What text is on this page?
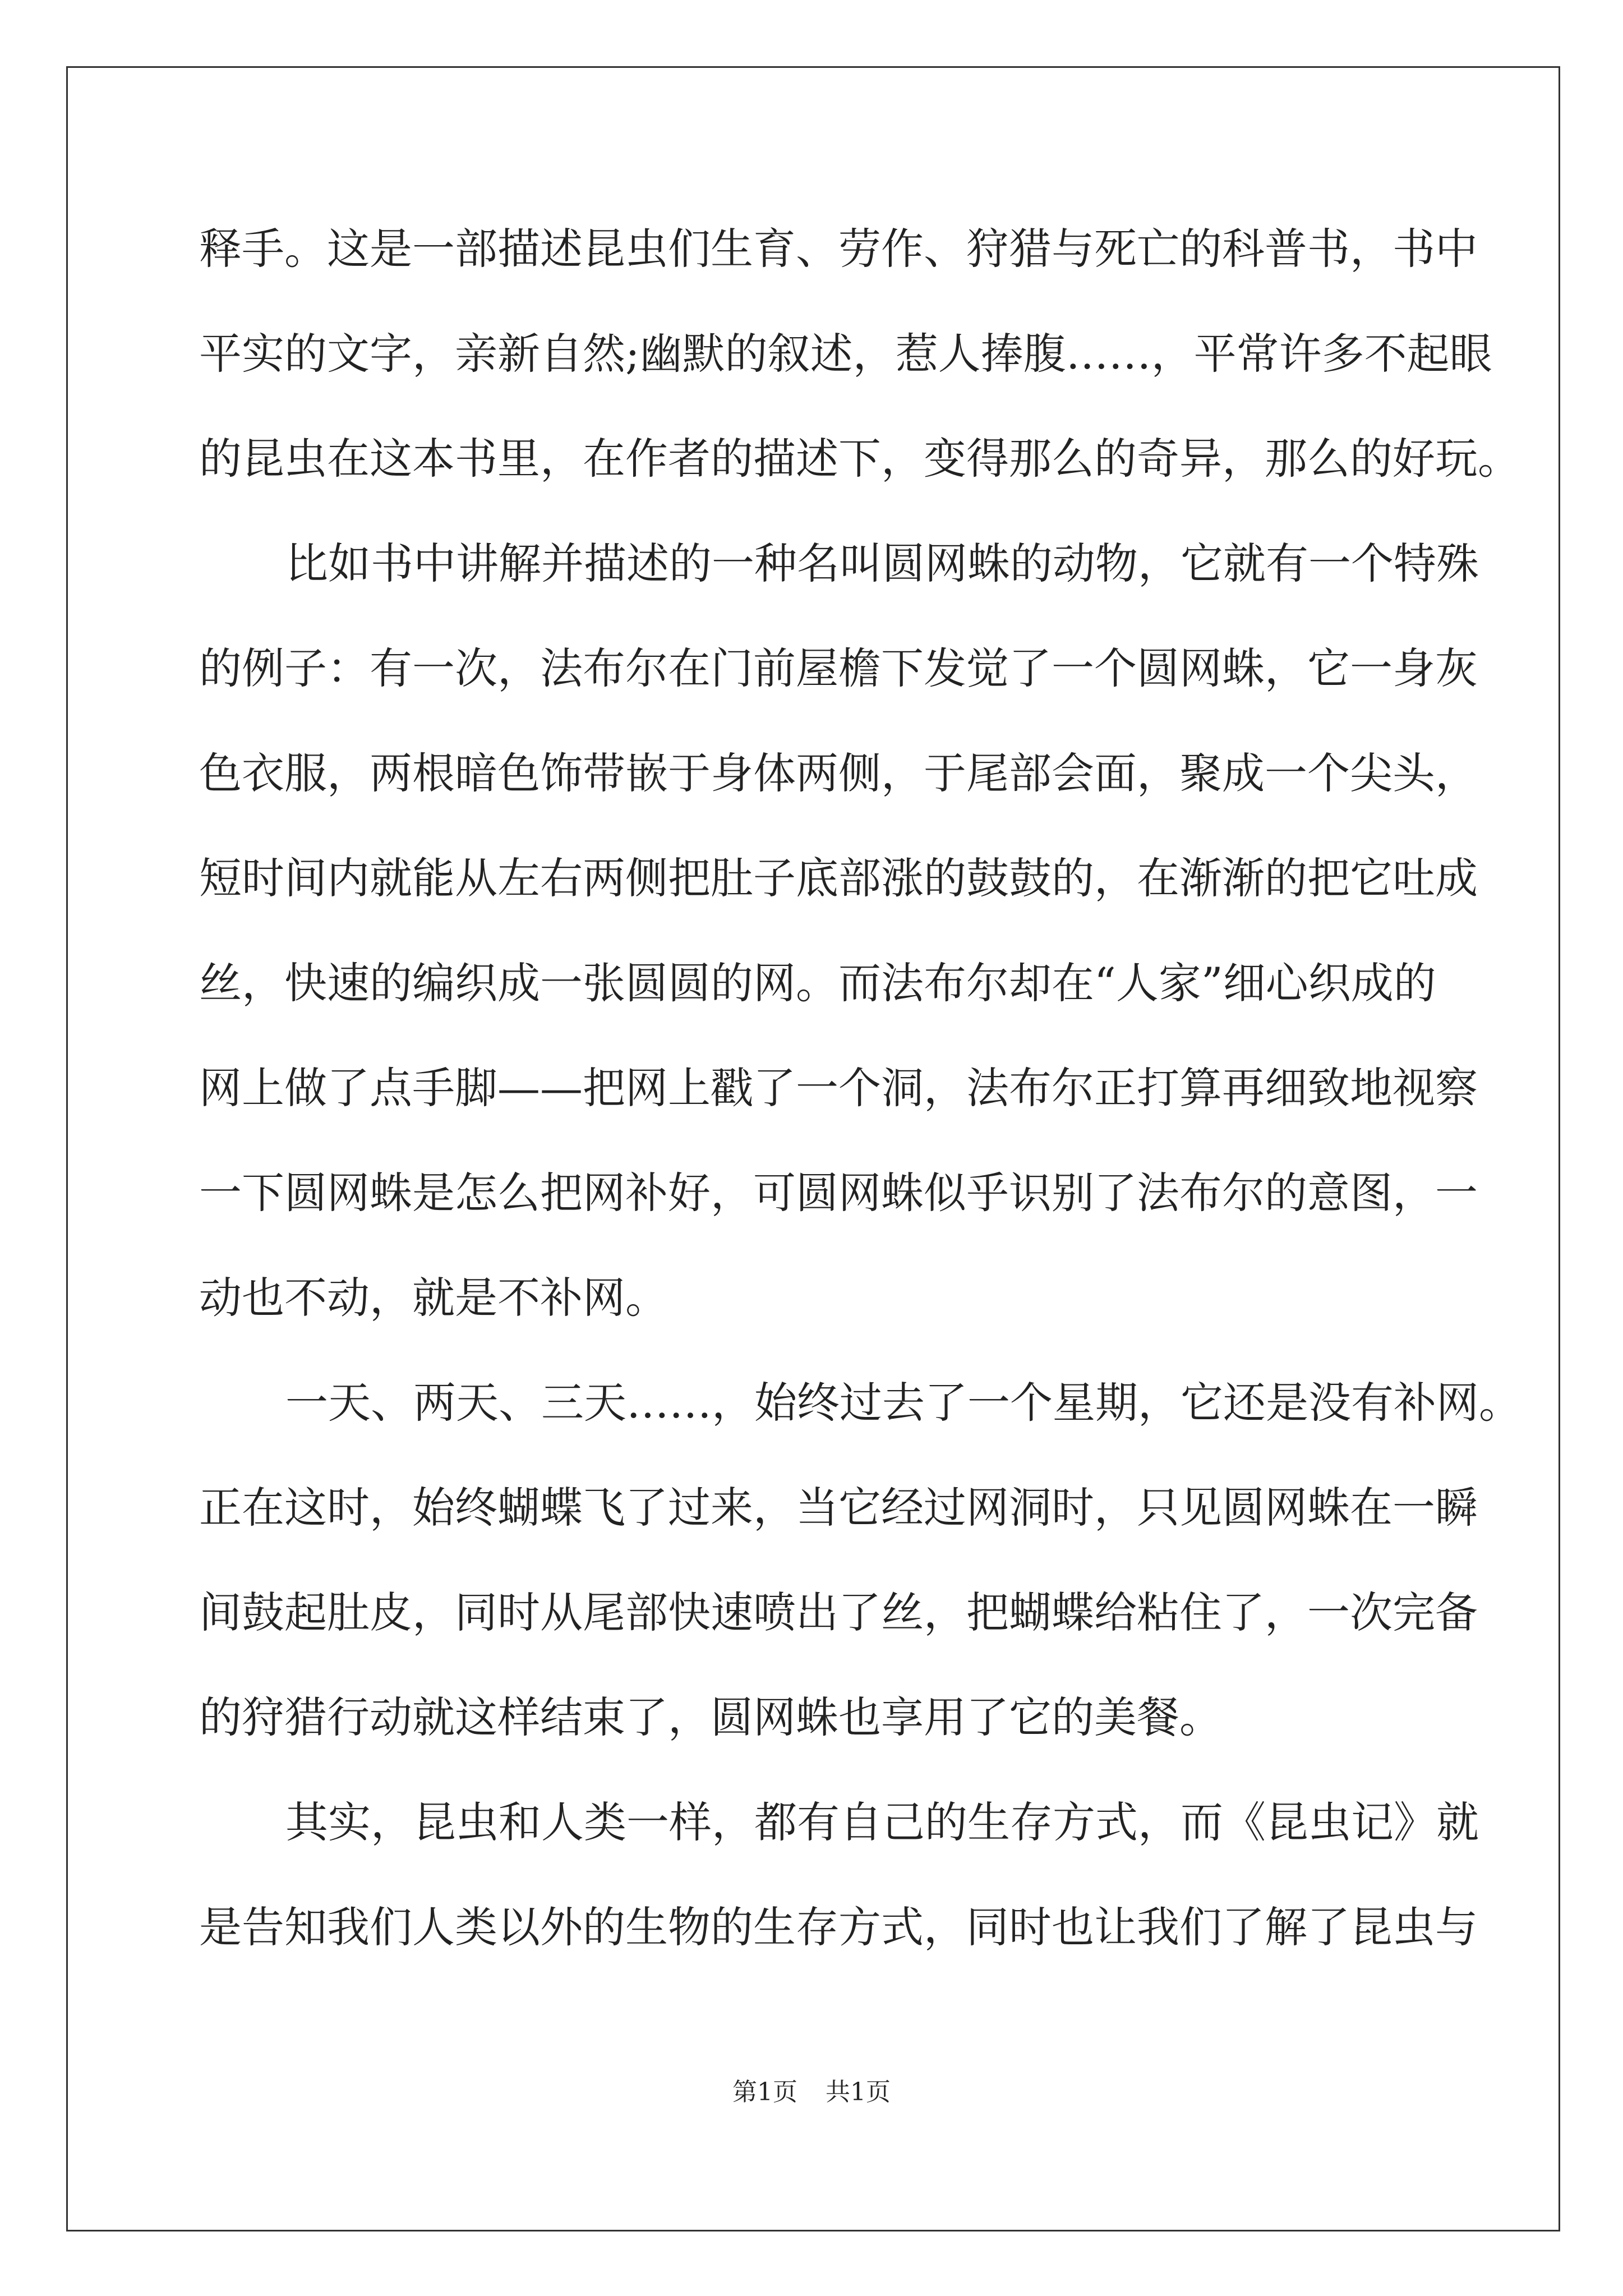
释手。这是一部描述昆虫们生育、劳作、狩猎与死亡的科普书，书中
平实的文字，亲新自然;幽默的叙述，惹人捧腹……，平常许多不起眼
的昆虫在这本书里，在作者的描述下，变得那么的奇异，那么的好玩。
比如书中讲解并描述的一种名叫圆网蛛的动物，它就有一个特殊
的例子：有一次，法布尔在门前屋檐下发觉了一个圆网蛛，它一身灰
色衣服，两根暗色饰带嵌于身体两侧，于尾部会面，聚成一个尖头，
短时间内就能从左右两侧把肚子底部涨的鼓鼓的，在渐渐的把它吐成
丝，快速的编织成一张圆圆的网。而法布尔却在“人家”细心织成的
网上做了点手脚——把网上戳了一个洞，法布尔正打算再细致地视察
一下圆网蛛是怎么把网补好，可圆网蛛似乎识别了法布尔的意图，一
动也不动，就是不补网。
一天、两天、三天……，始终过去了一个星期，它还是没有补网。
正在这时，始终蝴蝶飞了过来，当它经过网洞时，只见圆网蛛在一瞬
间鼓起肚皮，同时从尾部快速喷出了丝，把蝴蝶给粘住了，一次完备
的狩猎行动就这样结束了，圆网蛛也享用了它的美餐。
其实，昆虫和人类一样，都有自己的生存方式，而《昆虫记》就
是告知我们人类以外的生物的生存方式，同时也让我们了解了昆虫与
第1页 共1页
